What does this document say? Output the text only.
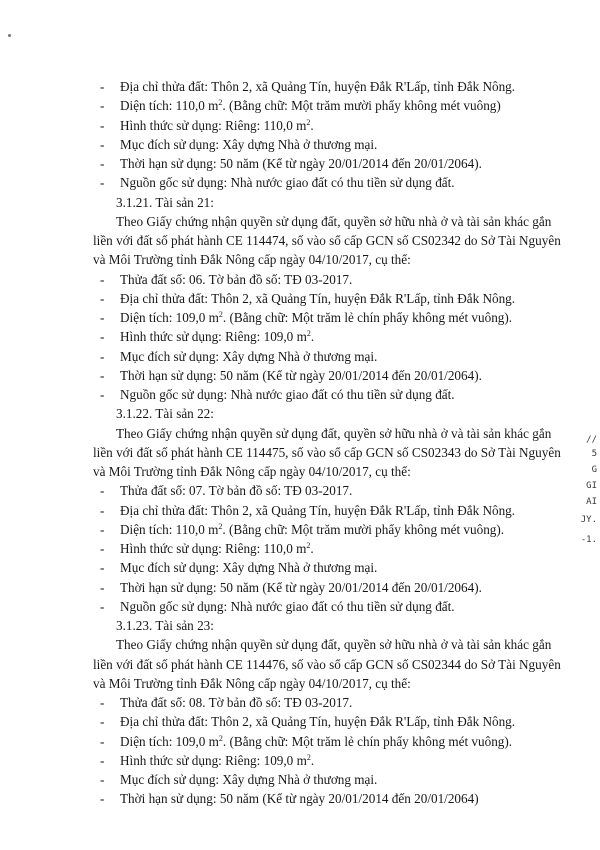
- Địa chỉ thửa đất: Thôn 2, xã Quảng Tín, huyện Đắk R'Lấp, tỉnh Đắk Nông.
- Diện tích: 110,0 $m^2$. (Bằng chữ: Một trăm mười phẩy không mét vuông)
- Hình thức sử dụng: Riêng: 110,0 $m^2$.
- Mục đích sử dụng: Xây dựng Nhà ở thương mại.
- Thời hạn sử dụng: 50 năm (Kể từ ngày 20/01/2014 đến 20/01/2064).
- Nguồn gốc sử dụng: Nhà nước giao đất có thu tiền sử dụng đất.
3.1.21. Tài sản 21:
Theo Giấy chứng nhận quyền sử dụng đất, quyền sở hữu nhà ở và tài sản khác gắn
liền với đất số phát hành CE 114474, số vào sổ cấp GCN số CS02342 do Sở Tài Nguyên
và Môi Trường tỉnh Đắk Nông cấp ngày 04/10/2017, cụ thể:
- Thửa đất số: 06. Tờ bản đồ số: TĐ 03-2017.
- Địa chỉ thửa đất: Thôn 2, xã Quảng Tín, huyện Đắk R'Lấp, tỉnh Đắk Nông.
- Diện tích: 109,0 $m^2$. (Bằng chữ: Một trăm lẻ chín phẩy không mét vuông).
- Hình thức sử dụng: Riêng: 109,0 $m^2$.
- Mục đích sử dụng: Xây dựng Nhà ở thương mại.
- Thời hạn sử dụng: 50 năm (Kể từ ngày 20/01/2014 đến 20/01/2064).
- Nguồn gốc sử dụng: Nhà nước giao đất có thu tiền sử dụng đất.
3.1.22. Tài sản 22:
Theo Giấy chứng nhận quyền sử dụng đất, quyền sở hữu nhà ở và tài sản khác gắn
liền với đất số phát hành CE 114475, số vào sổ cấp GCN số CS02343 do Sở Tài Nguyên
và Môi Trường tỉnh Đắk Nông cấp ngày 04/10/2017, cụ thể:
- Thửa đất số: 07. Tờ bản đồ số: TĐ 03-2017.
- Địa chỉ thửa đất: Thôn 2, xã Quảng Tín, huyện Đắk R'Lấp, tỉnh Đắk Nông.
- Diện tích: 110,0 $m^2$. (Bằng chữ: Một trăm mười phẩy không mét vuông).
- Hình thức sử dụng: Riêng: 110,0 $m^2$.
- Mục đích sử dụng: Xây dựng Nhà ở thương mại.
- Thời hạn sử dụng: 50 năm (Kể từ ngày 20/01/2014 đến 20/01/2064).
- Nguồn gốc sử dụng: Nhà nước giao đất có thu tiền sử dụng đất.
3.1.23. Tài sản 23:
Theo Giấy chứng nhận quyền sử dụng đất, quyền sở hữu nhà ở và tài sản khác gắn
liền với đất số phát hành CE 114476, số vào sổ cấp GCN số CS02344 do Sở Tài Nguyên
và Môi Trường tỉnh Đắk Nông cấp ngày 04/10/2017, cụ thể:
- Thửa đất số: 08. Tờ bản đồ số: TĐ 03-2017.
- Địa chỉ thửa đất: Thôn 2, xã Quảng Tín, huyện Đắk R'Lấp, tỉnh Đắk Nông.
- Diện tích: 109,0 $m^2$. (Bằng chữ: Một trăm lẻ chín phẩy không mét vuông).
- Hình thức sử dụng: Riêng: 109,0 $m^2$.
- Mục đích sử dụng: Xây dựng Nhà ở thương mại.
- Thời hạn sử dụng: 50 năm (Kể từ ngày 20/01/2014 đến 20/01/2064)
//
5
G
GI
AI
JY.
-1.
